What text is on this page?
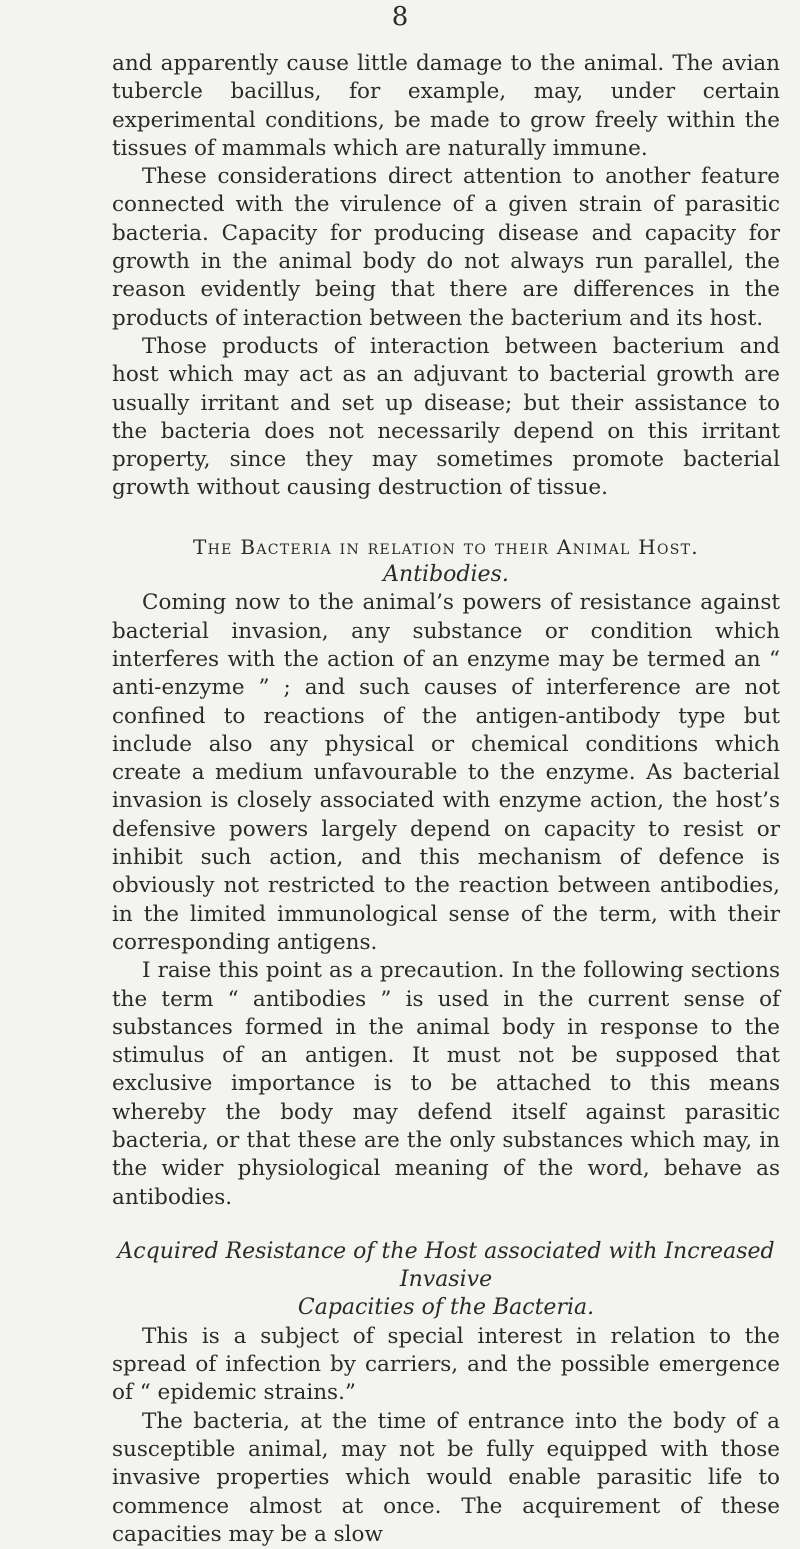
8

and apparently cause little damage to the animal. The avian tubercle bacillus, for example, may, under certain experimental conditions, be made to grow freely within the tissues of mammals which are naturally immune.

These considerations direct attention to another feature connected with the virulence of a given strain of parasitic bacteria. Capacity for producing disease and capacity for growth in the animal body do not always run parallel, the reason evidently being that there are differences in the products of interaction between the bacterium and its host.

Those products of interaction between bacterium and host which may act as an adjuvant to bacterial growth are usually irritant and set up disease; but their assistance to the bacteria does not necessarily depend on this irritant property, since they may sometimes promote bacterial growth without causing destruction of tissue.

The Bacteria in relation to their Animal Host.
Antibodies.

Coming now to the animal’s powers of resistance against bacterial invasion, any substance or condition which interferes with the action of an enzyme may be termed an “ anti-enzyme ” ; and such causes of interference are not confined to reactions of the antigen-antibody type but include also any physical or chemical conditions which create a medium unfavourable to the enzyme. As bacterial invasion is closely associated with enzyme action, the host’s defensive powers largely depend on capacity to resist or inhibit such action, and this mechanism of defence is obviously not restricted to the reaction between antibodies, in the limited immunological sense of the term, with their corresponding antigens.

I raise this point as a precaution. In the following sections the term “ antibodies ” is used in the current sense of substances formed in the animal body in response to the stimulus of an antigen. It must not be supposed that exclusive importance is to be attached to this means whereby the body may defend itself against parasitic bacteria, or that these are the only substances which may, in the wider physiological meaning of the word, behave as antibodies.

Acquired Resistance of the Host associated with Increased Invasive
Capacities of the Bacteria.

This is a subject of special interest in relation to the spread of infection by carriers, and the possible emergence of “ epidemic strains.”

The bacteria, at the time of entrance into the body of a susceptible animal, may not be fully equipped with those invasive properties which would enable parasitic life to commence almost at once. The acquirement of these capacities may be a slow
